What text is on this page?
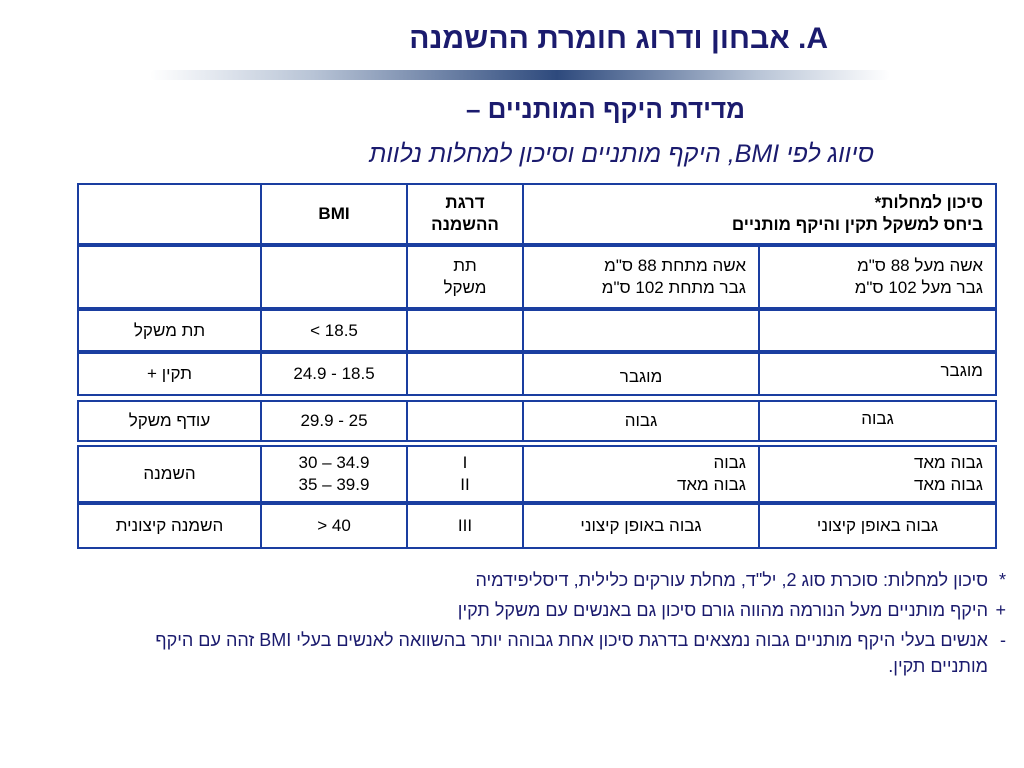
A. אבחון ודרוג חומרת ההשמנה
מדידת היקף המותניים –
סיווג לפי BMI, היקף מותניים וסיכון למחלות נלוות
סיכון למחלות*
ביחס למשקל תקין והיקף מותניים
דרגת
ההשמנה
BMI
אשה מעל 88 ס"מ
גבר מעל 102 ס"מ
אשה מתחת 88 ס"מ
גבר מתחת 102 ס"מ
תת
משקל
18.5 >
תת משקל
מוגבר
מוגבר
18.5 - 24.9
תקין +
גבוה
גבוה
25 - 29.9
עודף משקל
גבוה מאד
גבוה מאד
גבוה
גבוה מאד
I
II
30 – 34.9
35 – 39.9
השמנה
גבוה באופן קיצוני
גבוה באופן קיצוני
III
40 <
השמנה קיצונית
*
סיכון למחלות: סוכרת סוג 2, יל"ד, מחלת עורקים כלילית, דיסליפידמיה
+
היקף מותניים מעל הנורמה מהווה גורם סיכון גם באנשים עם משקל תקין
-
אנשים בעלי היקף מותניים גבוה נמצאים בדרגת סיכון אחת גבוהה יותר בהשוואה לאנשים בעלי BMI זהה עם היקף מותניים תקין.
